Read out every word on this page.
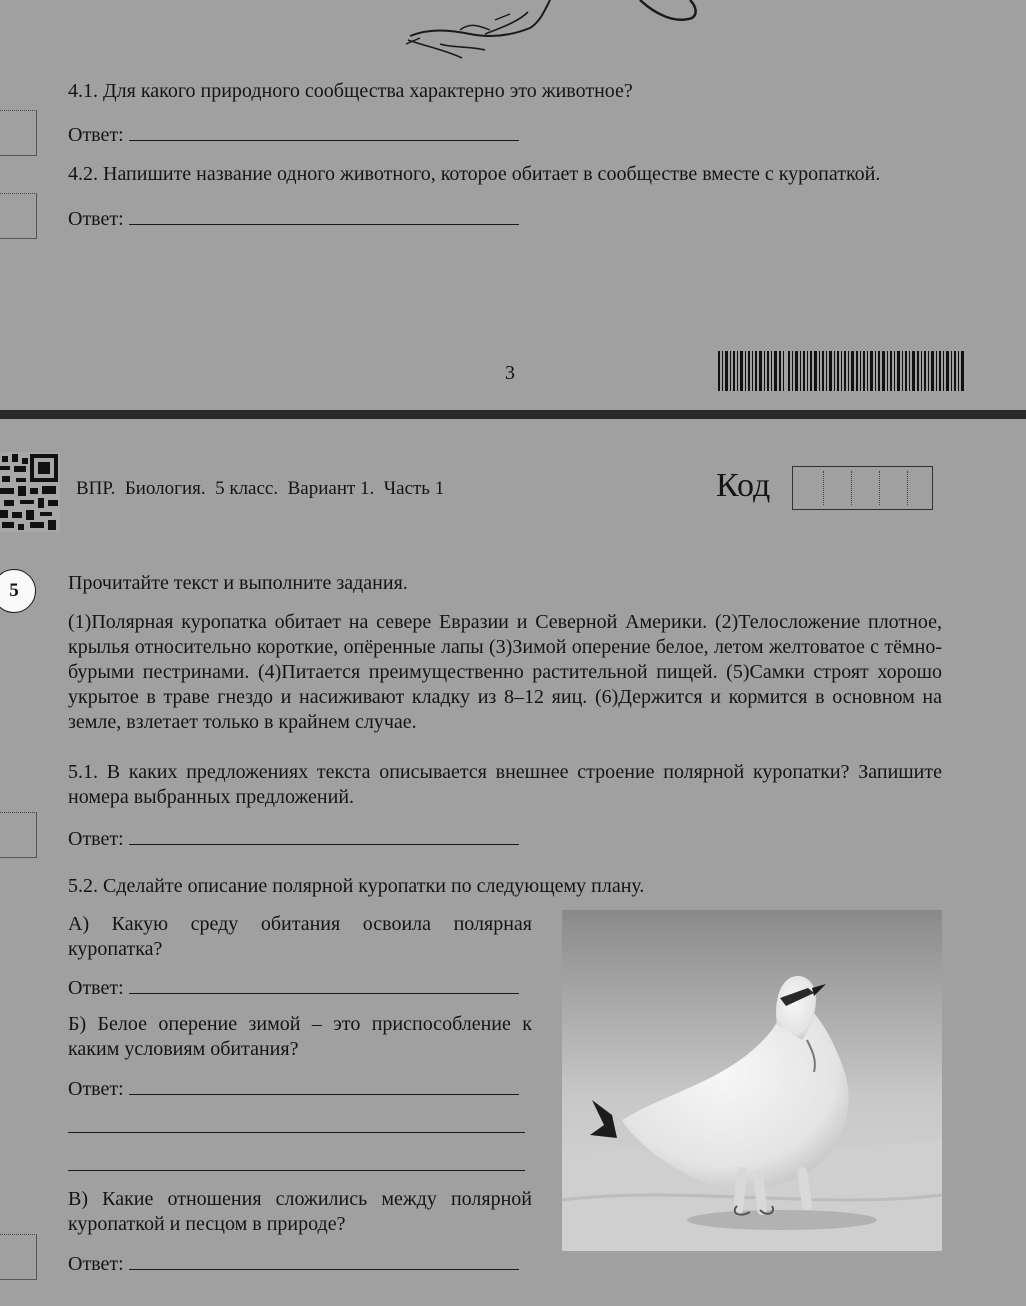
4.1. Для какого природного сообщества характерно это животное?
Ответ:
4.2. Напишите название одного животного, которое обитает в сообществе вместе с куропаткой.
Ответ:
3
ВПР.  Биология.  5 класс.  Вариант 1.  Часть 1	Код
5	Прочитайте текст и выполните задания.
(1)Полярная куропатка обитает на севере Евразии и Северной Америки. (2)Телосложение плотное, крылья относительно короткие, опёренные лапы (3)Зимой оперение белое, летом желтоватое с тёмно-бурыми пестринами. (4)Питается преимущественно растительной пищей. (5)Самки строят хорошо укрытое в траве гнездо и насиживают кладку из 8–12 яиц. (6)Держится и кормится в основном на земле, взлетает только в крайнем случае.
5.1. В каких предложениях текста описывается внешнее строение полярной куропатки? Запишите номера выбранных предложений.
Ответ:
5.2. Сделайте описание полярной куропатки по следующему плану.
А) Какую среду обитания освоила полярная куропатка?
Ответ:
Б) Белое оперение зимой – это приспособление к каким условиям обитания?
Ответ:
В) Какие отношения сложились между полярной куропаткой и песцом в природе?
Ответ:
